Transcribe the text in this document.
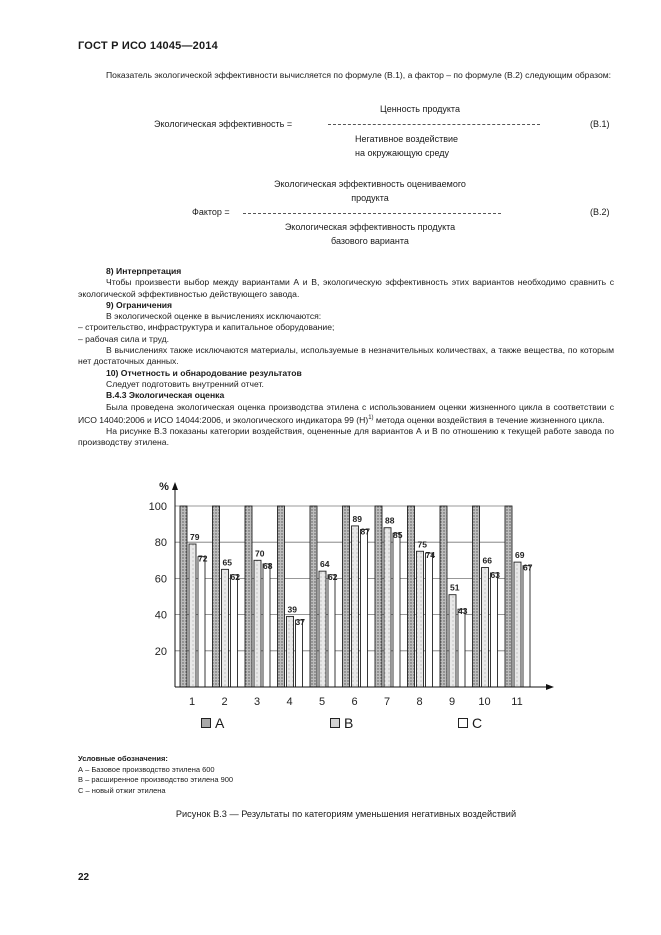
ГОСТ Р ИСО 14045—2014
Показатель экологической эффективности вычисляется по формуле (В.1), а фактор – по формуле (В.2) следующим образом:
Ценность продукта
Экологическая эффективность =	(В.1)
Негативное воздействие
на окружающую среду
Экологическая эффективность оцениваемого
продукта
Фактор =	(В.2)
Экологическая эффективность продукта
базового варианта
8) Интерпретация
Чтобы произвести выбор между вариантами А и В, экологическую эффективность этих вариантов необходимо сравнить с экологической эффективностью действующего завода.
9) Ограничения
В экологической оценке в вычислениях исключаются:
– строительство, инфраструктура и капитальное оборудование;
– рабочая сила и труд.
В вычислениях также исключаются материалы, используемые в незначительных количествах, а также вещества, по которым нет достаточных данных.
10) Отчетность и обнародование результатов
Следует подготовить внутренний отчет.
В.4.3 Экологическая оценка
Была проведена экологическая оценка производства этилена с использованием оценки жизненного цикла в соответствии с ИСО 14040:2006 и ИСО 14044:2006, и экологического индикатора 99 $(Н)^{1)}$ метода оценки воздействия в течение жизненного цикла.
На рисунке В.3 показаны категории воздействия, оцененные для вариантов А и В по отношению к текущей работе завода по производству этилена.
20
40
60
80
100
%
79
72
1
65
62
2
70
68
3
39
37
4
64
62
5
89
87
6
88
85
7
75
74
8
51
43
9
66
63
10
69
67
11
A	B	C
Условные обозначения:
А – Базовое производство этилена 600
В – расширенное производство этилена 900
С – новый отжиг этилена
Рисунок В.3 — Результаты по категориям уменьшения негативных воздействий
22
